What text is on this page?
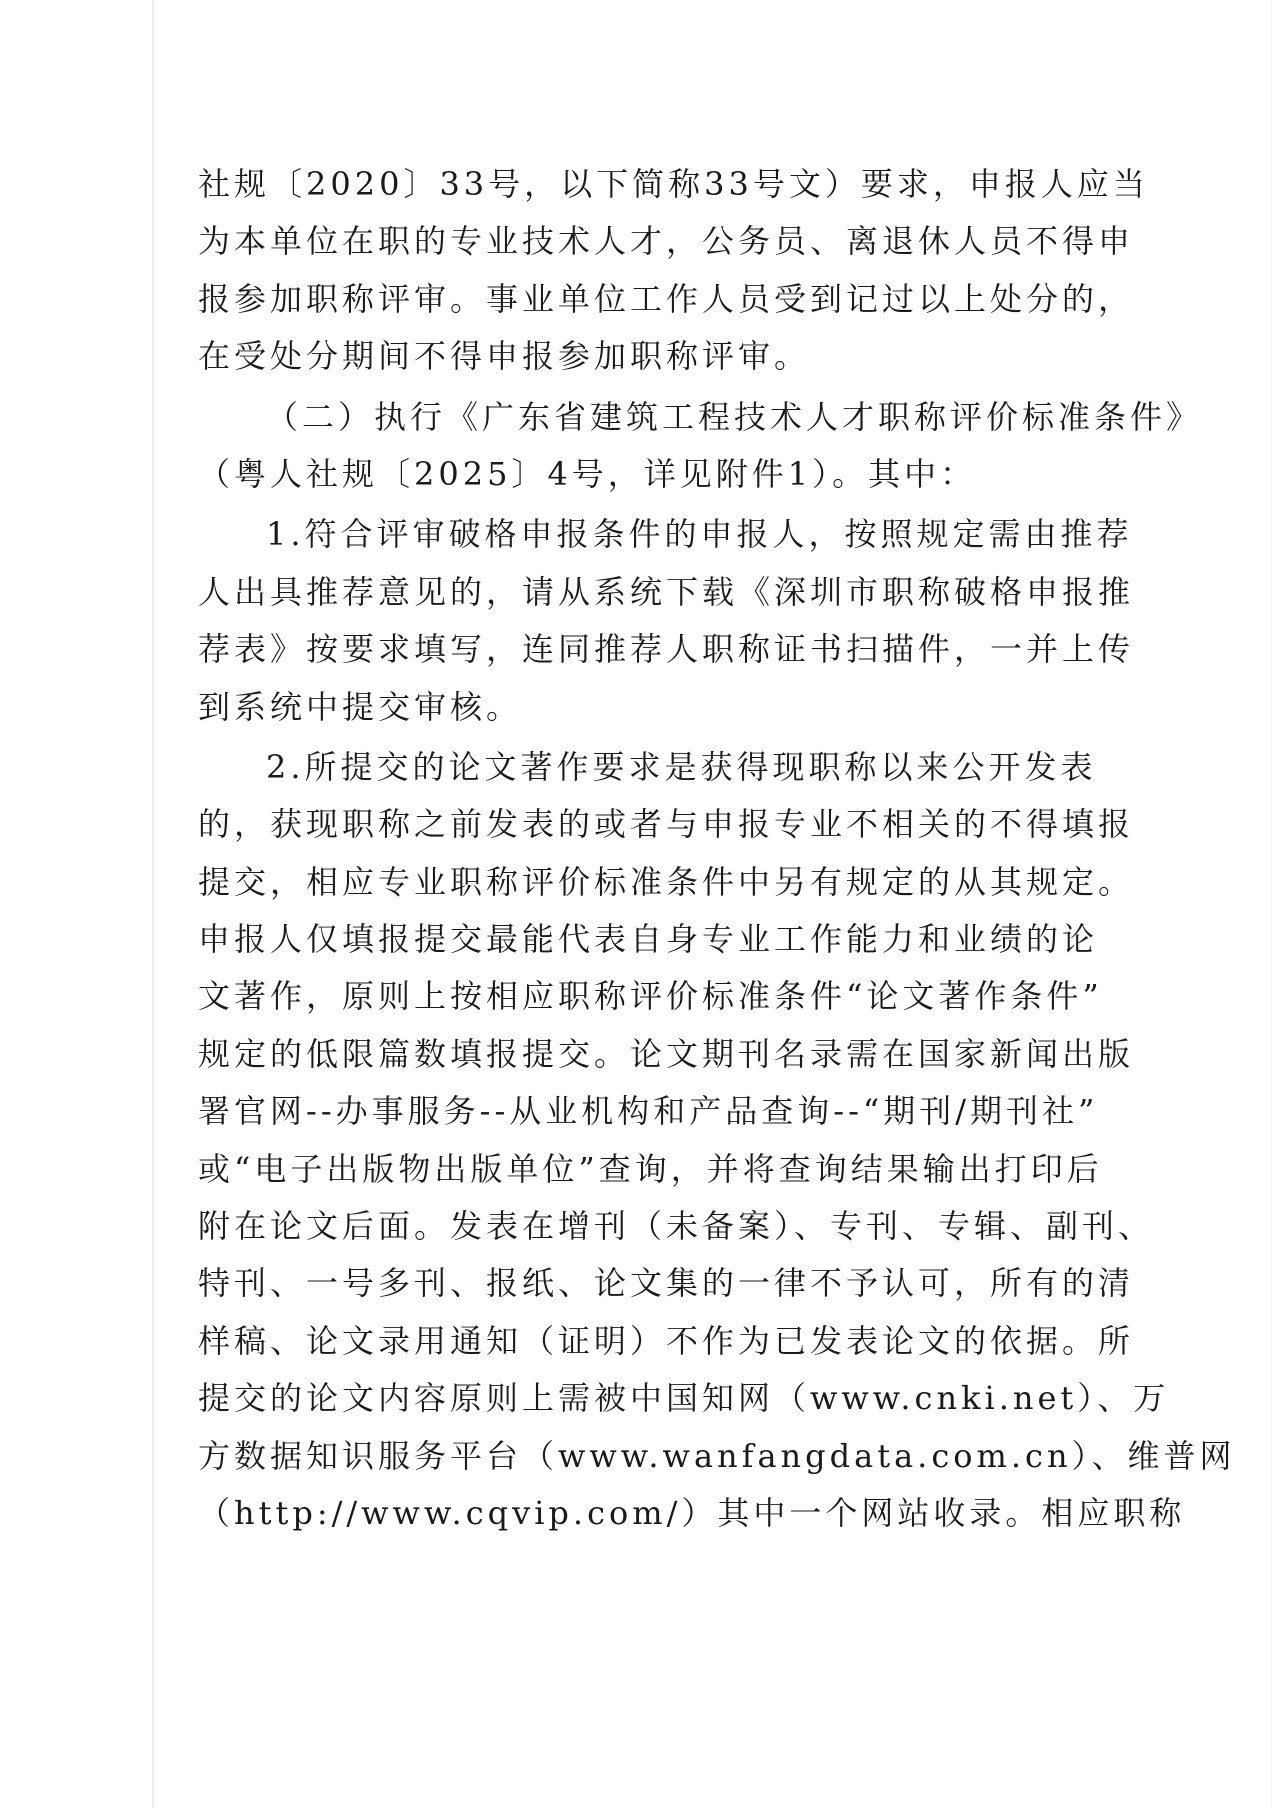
社规〔2020〕33号，以下简称33号文）要求，申报人应当
为本单位在职的专业技术人才，公务员、离退休人员不得申
报参加职称评审。事业单位工作人员受到记过以上处分的，
在受处分期间不得申报参加职称评审。
（二）执行《广东省建筑工程技术人才职称评价标准条件》
（粤人社规〔2025〕4号，详见附件1）。其中：
1.符合评审破格申报条件的申报人，按照规定需由推荐
人出具推荐意见的，请从系统下载《深圳市职称破格申报推
荐表》按要求填写，连同推荐人职称证书扫描件，一并上传
到系统中提交审核。
2.所提交的论文著作要求是获得现职称以来公开发表
的，获现职称之前发表的或者与申报专业不相关的不得填报
提交，相应专业职称评价标准条件中另有规定的从其规定。
申报人仅填报提交最能代表自身专业工作能力和业绩的论
文著作，原则上按相应职称评价标准条件“论文著作条件”
规定的低限篇数填报提交。论文期刊名录需在国家新闻出版
署官网--办事服务--从业机构和产品查询--“期刊/期刊社”
或“电子出版物出版单位”查询，并将查询结果输出打印后
附在论文后面。发表在增刊（未备案）、专刊、专辑、副刊、
特刊、一号多刊、报纸、论文集的一律不予认可，所有的清
样稿、论文录用通知（证明）不作为已发表论文的依据。所
提交的论文内容原则上需被中国知网（www.cnki.net）、万
方数据知识服务平台（www.wanfangdata.com.cn）、维普网
（http://www.cqvip.com/）其中一个网站收录。相应职称
